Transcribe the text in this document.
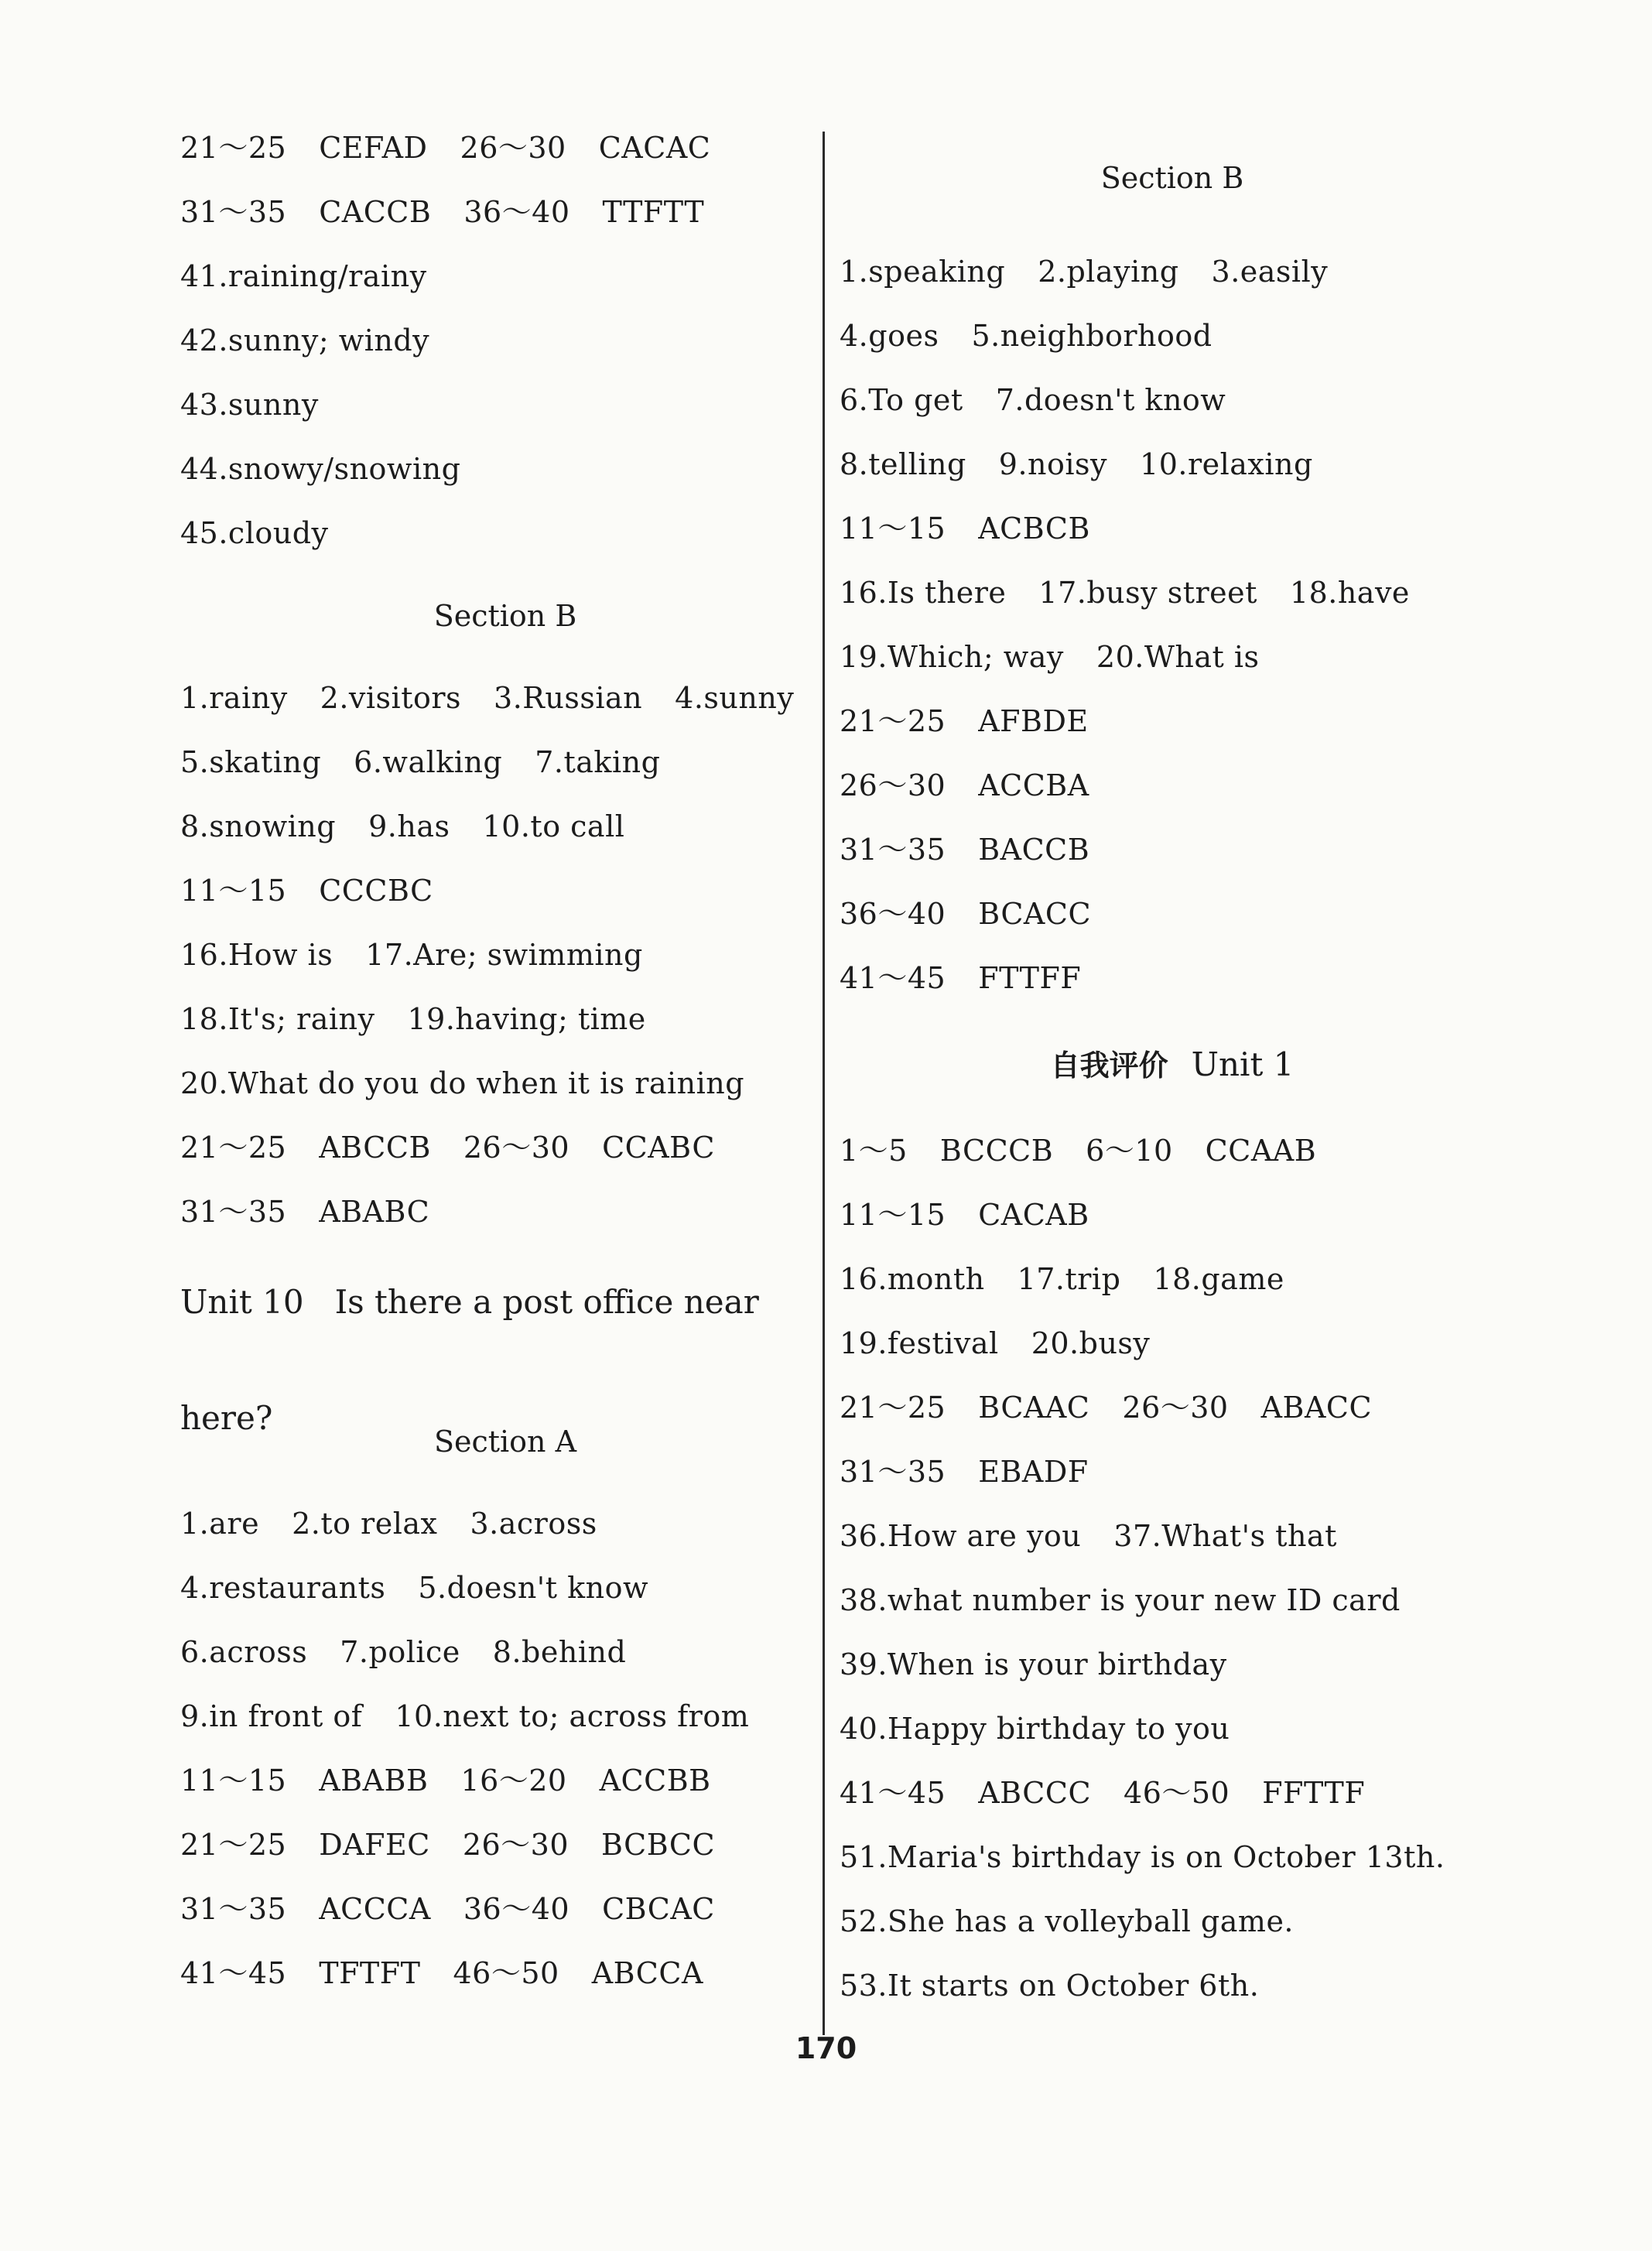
21～25 CEFAD 26～30 CACAC
31～35 CACCB 36～40 TTFTT
41.raining/rainy
42.sunny; windy
43.sunny
44.snowy/snowing
45.cloudy
Section B
1.rainy 2.visitors 3.Russian 4.sunny
5.skating 6.walking 7.taking
8.snowing 9.has 10.to call
11～15 CCCBC
16.How is 17.Are; swimming
18.It's; rainy 19.having; time
20.What do you do when it is raining
21～25 ABCCB 26～30 CCABC
31～35 ABABC
Unit 10 Is there a post office near here?
Section A
1.are 2.to relax 3.across
4.restaurants 5.doesn't know
6.across 7.police 8.behind
9.in front of 10.next to; across from
11～15 ABABB 16～20 ACCBB
21～25 DAFEC 26～30 BCBCC
31～35 ACCCA 36～40 CBCAC
41～45 TFTFT 46～50 ABCCA
Section B
1.speaking 2.playing 3.easily
4.goes 5.neighborhood
6.To get 7.doesn't know
8.telling 9.noisy 10.relaxing
11～15 ACBCB
16.Is there 17.busy street 18.have
19.Which; way 20.What is
21～25 AFBDE
26～30 ACCBA
31～35 BACCB
36～40 BCACC
41～45 FTTFF
自我评价 Unit 1
1～5 BCCCB 6～10 CCAAB
11～15 CACAB
16.month 17.trip 18.game
19.festival 20.busy
21～25 BCAAC 26～30 ABACC
31～35 EBADF
36.How are you 37.What's that
38.what number is your new ID card
39.When is your birthday
40.Happy birthday to you
41～45 ABCCC 46～50 FFTTF
51.Maria's birthday is on October 13th.
52.She has a volleyball game.
53.It starts on October 6th.
170
